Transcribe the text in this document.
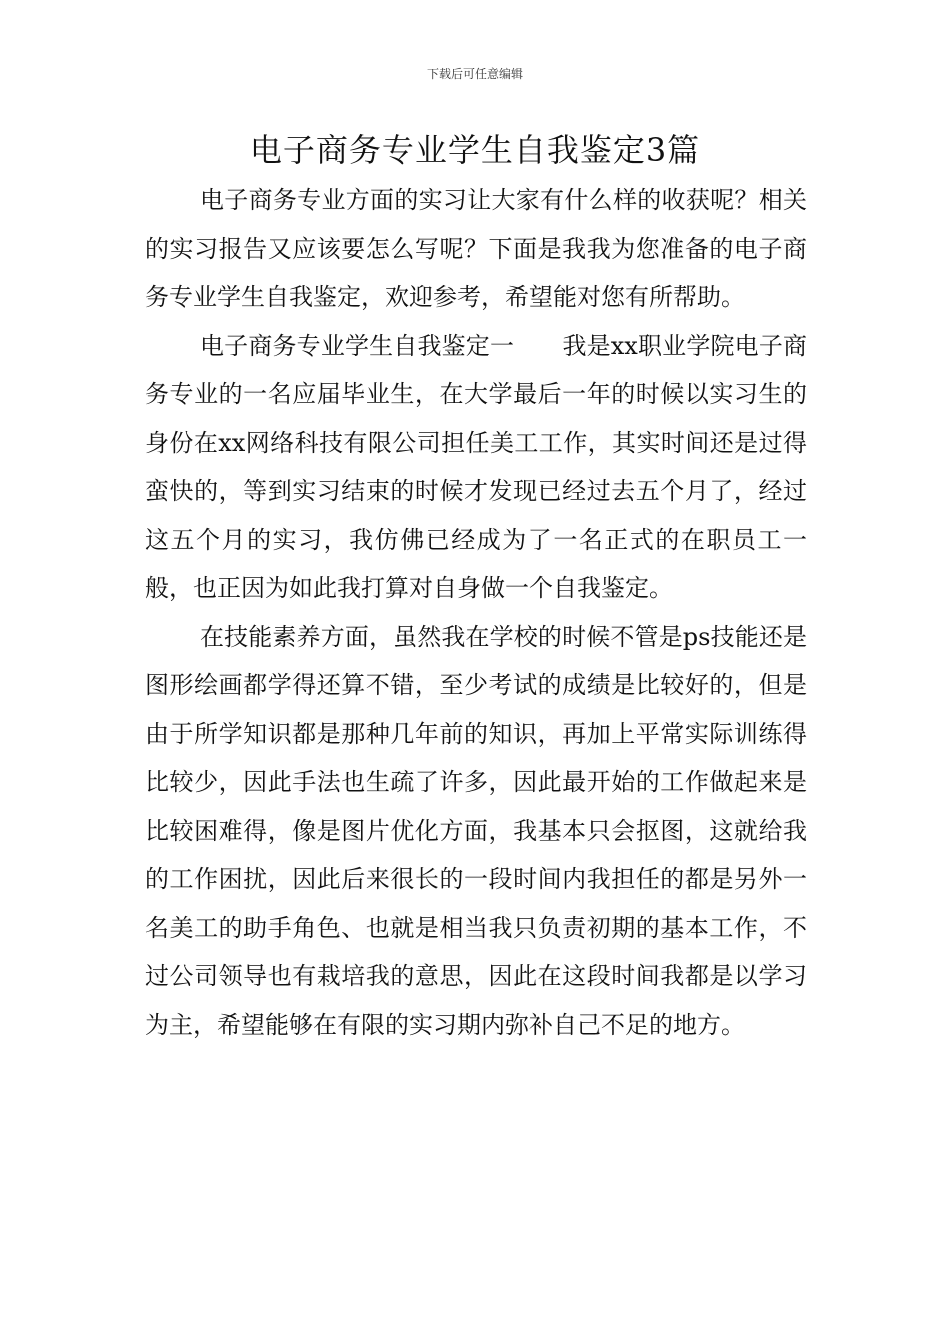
下载后可任意编辑
电子商务专业学生自我鉴定3篇

电子商务专业方面的实习让大家有什么样的收获呢？相关的实习报告又应该要怎么写呢？下面是我我为您准备的电子商务专业学生自我鉴定，欢迎参考，希望能对您有所帮助。

电子商务专业学生自我鉴定一　　我是xx职业学院电子商务专业的一名应届毕业生，在大学最后一年的时候以实习生的身份在xx网络科技有限公司担任美工工作，其实时间还是过得蛮快的，等到实习结束的时候才发现已经过去五个月了，经过这五个月的实习，我仿佛已经成为了一名正式的在职员工一般，也正因为如此我打算对自身做一个自我鉴定。

在技能素养方面，虽然我在学校的时候不管是ps技能还是图形绘画都学得还算不错，至少考试的成绩是比较好的，但是由于所学知识都是那种几年前的知识，再加上平常实际训练得比较少，因此手法也生疏了许多，因此最开始的工作做起来是比较困难得，像是图片优化方面，我基本只会抠图，这就给我的工作困扰，因此后来很长的一段时间内我担任的都是另外一名美工的助手角色、也就是相当我只负责初期的基本工作，不过公司领导也有栽培我的意思，因此在这段时间我都是以学习为主，希望能够在有限的实习期内弥补自己不足的地方。
